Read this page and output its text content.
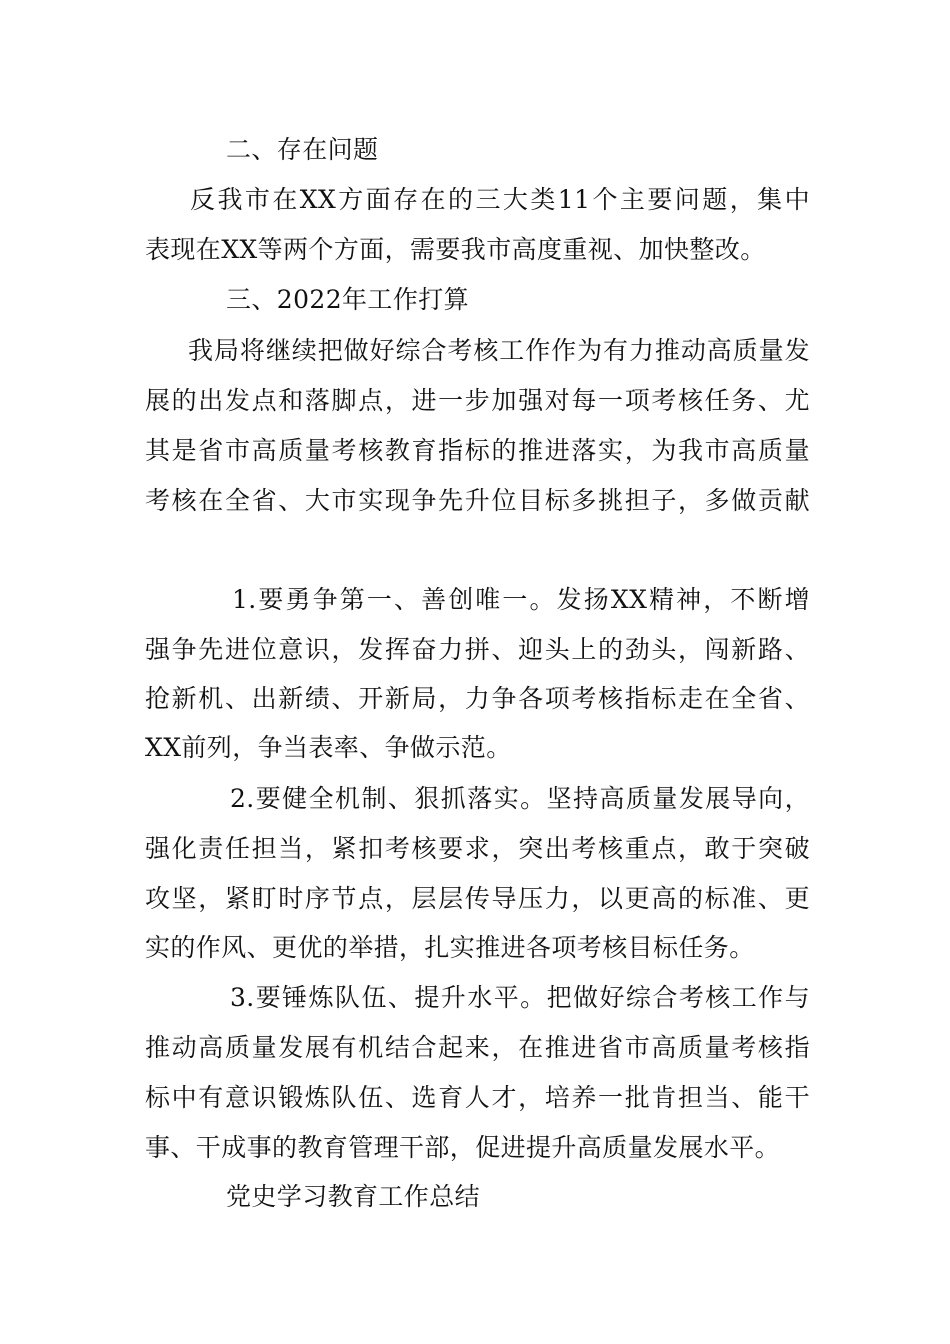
二、存在问题
反我市在XX方面存在的三大类11个主要问题，集中
表现在XX等两个方面，需要我市高度重视、加快整改。
三、2022年工作打算
我局将继续把做好综合考核工作作为有力推动高质量发
展的出发点和落脚点，进一步加强对每一项考核任务、尤
其是省市高质量考核教育指标的推进落实，为我市高质量
考核在全省、大市实现争先升位目标多挑担子，多做贡献
1.要勇争第一、善创唯一。发扬XX精神，不断增
强争先进位意识，发挥奋力拼、迎头上的劲头，闯新路、
抢新机、出新绩、开新局，力争各项考核指标走在全省、
XX前列，争当表率、争做示范。
2.要健全机制、狠抓落实。坚持高质量发展导向，
强化责任担当，紧扣考核要求，突出考核重点，敢于突破
攻坚，紧盯时序节点，层层传导压力，以更高的标准、更
实的作风、更优的举措，扎实推进各项考核目标任务。
3.要锤炼队伍、提升水平。把做好综合考核工作与
推动高质量发展有机结合起来，在推进省市高质量考核指
标中有意识锻炼队伍、选育人才，培养一批肯担当、能干
事、干成事的教育管理干部，促进提升高质量发展水平。
党史学习教育工作总结
